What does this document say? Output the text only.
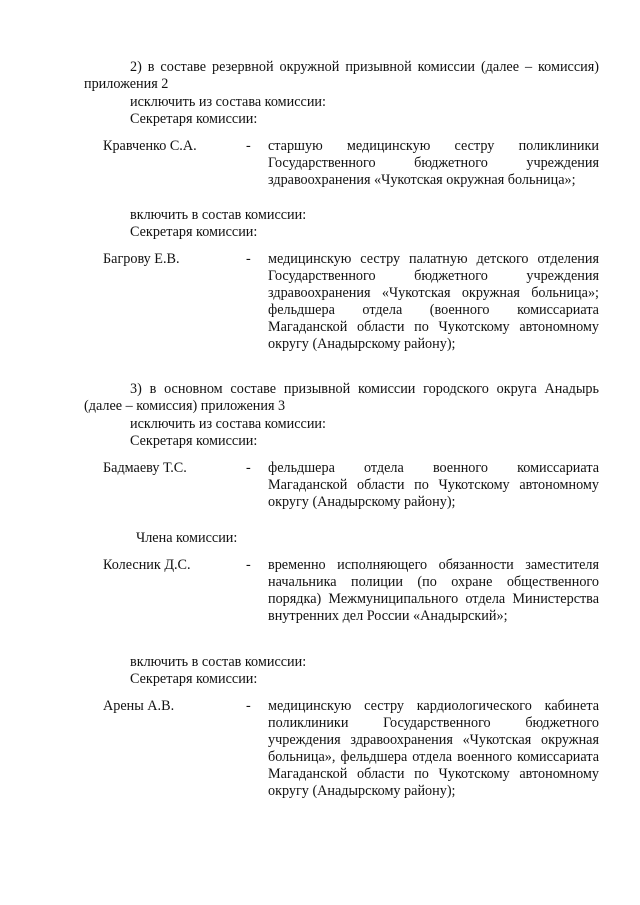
2) в составе резервной окружной призывной комиссии (далее – комиссия) приложения 2
исключить из состава комиссии:
Секретаря комиссии:
Кравченко С.А.	- старшую медицинскую сестру поликлиники Государственного бюджетного учреждения здравоохранения «Чукотская окружная больница»;
включить в состав комиссии:
Секретаря комиссии:
Багрову Е.В.	- медицинскую сестру палатную детского отделения Государственного бюджетного учреждения здравоохранения «Чукотская окружная больница»; фельдшера отдела (военного комиссариата Магаданской области по Чукотскому автономному округу (Анадырскому району);
3) в основном составе призывной комиссии городского округа Анадырь (далее – комиссия) приложения 3
исключить из состава комиссии:
Секретаря комиссии:
Бадмаеву Т.С.	- фельдшера отдела военного комиссариата Магаданской области по Чукотскому автономному округу (Анадырскому району);
Члена комиссии:
Колесник Д.С.	- временно исполняющего обязанности заместителя начальника полиции (по охране общественного порядка) Межмуниципального отдела Министерства внутренних дел России «Анадырский»;
включить в состав комиссии:
Секретаря комиссии:
Арены А.В.	- медицинскую сестру кардиологического кабинета поликлиники Государственного бюджетного учреждения здравоохранения «Чукотская окружная больница», фельдшера отдела военного комиссариата Магаданской области по Чукотскому автономному округу (Анадырскому району);
